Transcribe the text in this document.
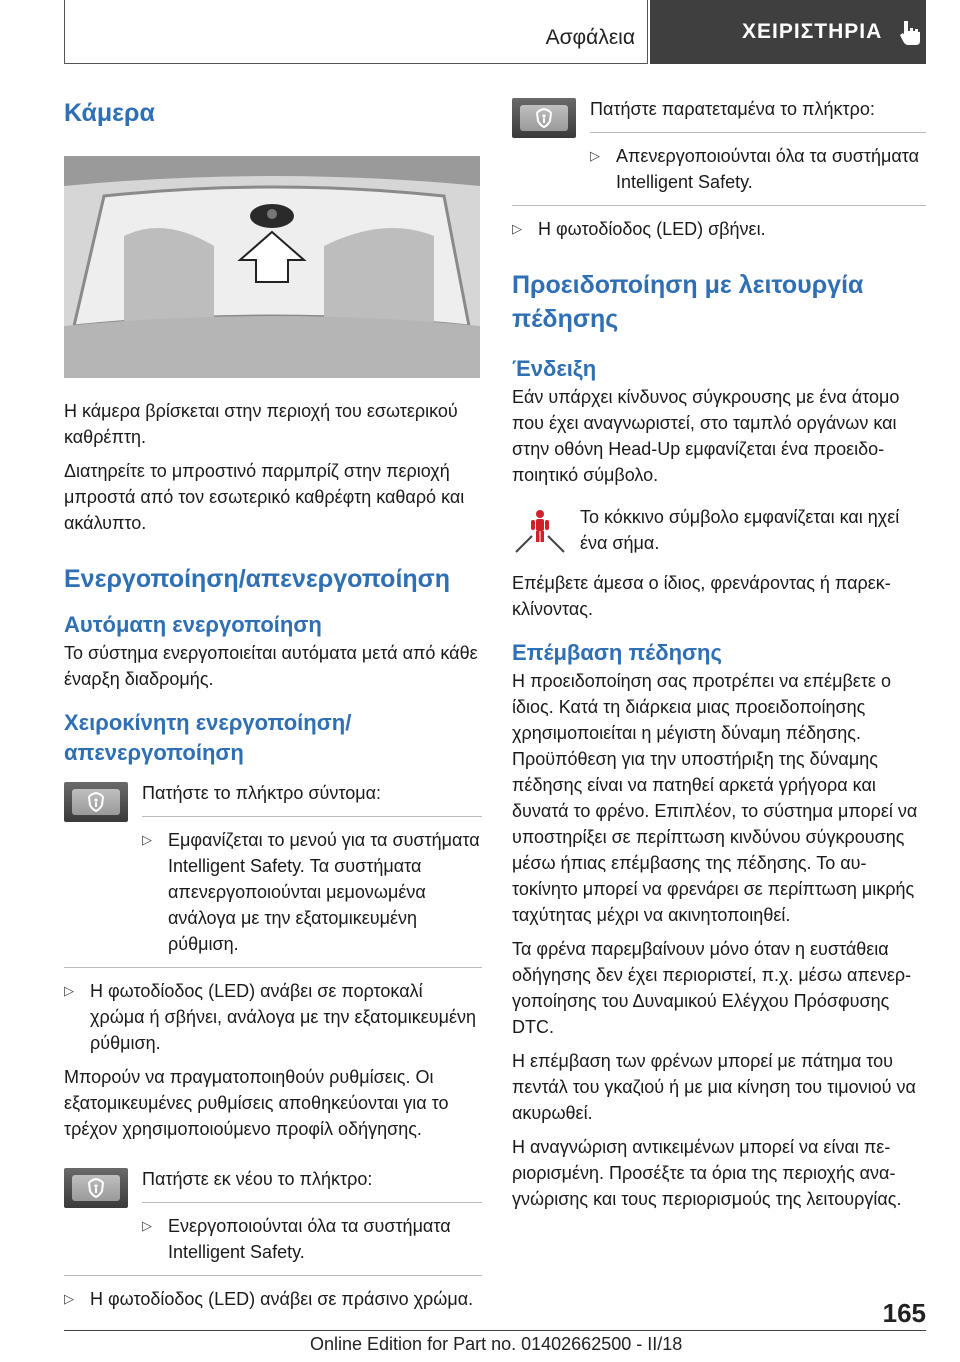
Ασφάλεια	ΧΕΙΡΙΣΤΗΡΙΑ
Κάμερα

Η κάμερα βρίσκεται στην περιοχή του εσωτερικού καθρέπτη.

Διατηρείτε το μπροστινό παρμπρίζ στην περιοχή μπροστά από τον εσωτερικό καθρέφτη καθαρό και ακάλυπτο.

Ενεργοποίηση/απενεργοποίηση
Αυτόματη ενεργοποίηση

Το σύστημα ενεργοποιείται αυτόματα μετά από κάθε έναρξη διαδρομής.

Χειροκίνητη ενεργοποίηση/
απενεργοποίηση

Πατήστε το πλήκτρο σύντομα:

▷ Εμφανίζεται το μενού για τα συστήματα Intelligent Safety. Τα συστήματα απενεργοποιούνται μεμονωμένα ανάλογα με την εξατομικευμένη ρύθμιση.
▷ Η φωτοδίοδος (LED) ανάβει σε πορτοκαλί χρώμα ή σβήνει, ανάλογα με την εξατομικευμένη ρύθμιση.

Μπορούν να πραγματοποιηθούν ρυθμίσεις. Οι εξατομικευμένες ρυθμίσεις αποθηκεύονται για το τρέχον χρησιμοποιούμενο προφίλ οδήγησης.

Πατήστε εκ νέου το πλήκτρο:

▷ Ενεργοποιούνται όλα τα συστήματα Intelligent Safety.
▷ Η φωτοδίοδος (LED) ανάβει σε πράσινο χρώμα.

Πατήστε παρατεταμένα το πλήκτρο:

▷ Απενεργοποιούνται όλα τα συστήματα Intelligent Safety.
▷ Η φωτοδίοδος (LED) σβήνει.
Προειδοποίηση με λειτουργία
πέδησης
Ένδειξη

Εάν υπάρχει κίνδυνος σύγκρουσης με ένα άτομο που έχει αναγνωριστεί, στο ταμπλό οργάνων και στην οθόνη Head-Up εμφανίζεται ένα προειδοποιητικό σύμβολο.

Το κόκκινο σύμβολο εμφανίζεται και ηχεί ένα σήμα.

Επέμβετε άμεσα ο ίδιος, φρενάροντας ή παρεκκλίνοντας.

Επέμβαση πέδησης

Η προειδοποίηση σας προτρέπει να επέμβετε ο ίδιος. Κατά τη διάρκεια μιας προειδοποίησης χρησιμοποιείται η μέγιστη δύναμη πέδησης. Προϋπόθεση για την υποστήριξη της δύναμης πέδησης είναι να πατηθεί αρκετά γρήγορα και δυνατά το φρένο. Επιπλέον, το σύστημα μπορεί να υποστηρίξει σε περίπτωση κινδύνου σύγκρουσης μέσω ήπιας επέμβασης της πέδησης. Το αυτοκίνητο μπορεί να φρενάρει σε περίπτωση μικρής ταχύτητας μέχρι να ακινητοποιηθεί.

Τα φρένα παρεμβαίνουν μόνο όταν η ευστάθεια οδήγησης δεν έχει περιοριστεί, π.χ. μέσω απενεργοποίησης του Δυναμικού Ελέγχου Πρόσφυσης DTC.

Η επέμβαση των φρένων μπορεί με πάτημα του πεντάλ του γκαζιού ή με μια κίνηση του τιμονιού να ακυρωθεί.

Η αναγνώριση αντικειμένων μπορεί να είναι περιορισμένη. Προσέξτε τα όρια της περιοχής αναγνώρισης και τους περιορισμούς της λειτουργίας.

165
Online Edition for Part no. 01402662500 - II/18
